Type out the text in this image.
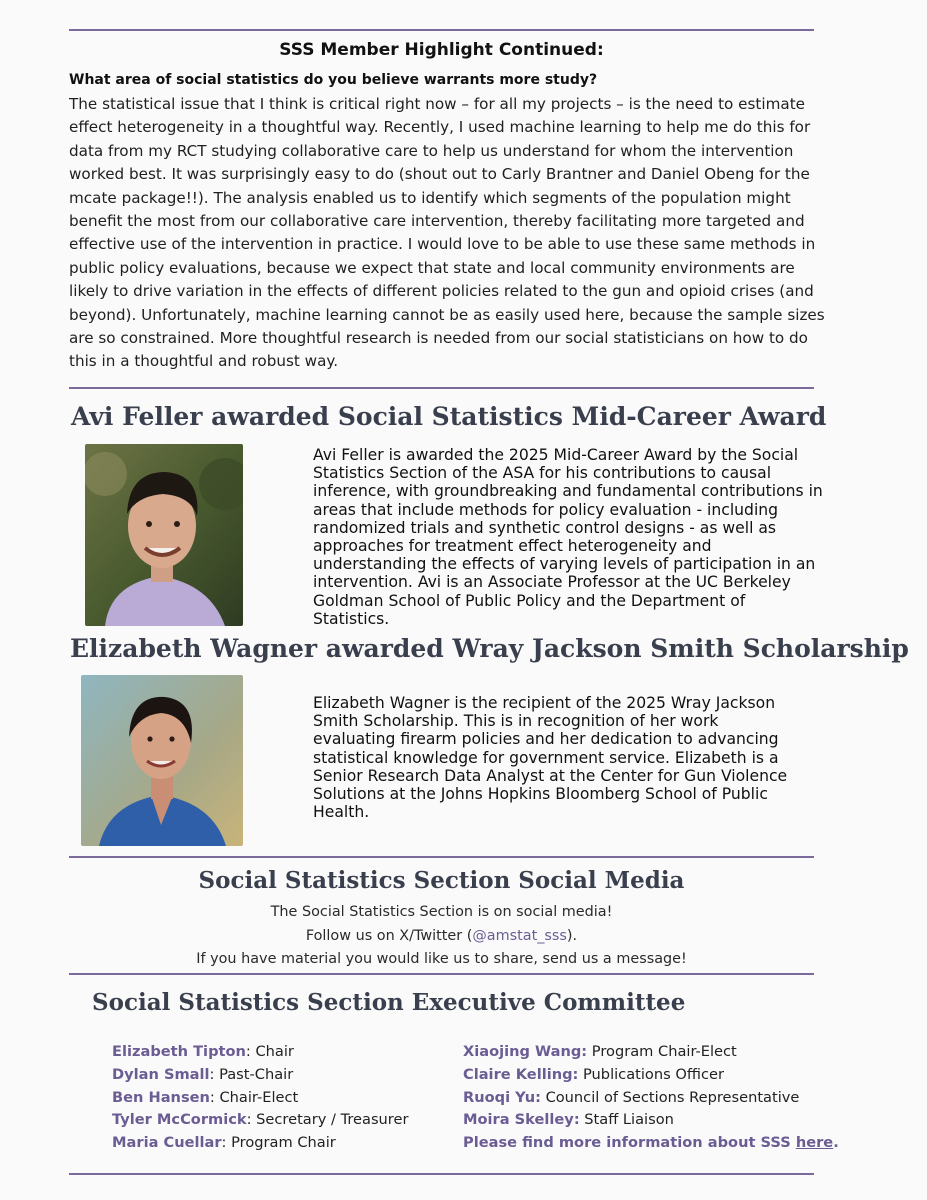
SSS Member Highlight Continued:
What area of social statistics do you believe warrants more study?
The statistical issue that I think is critical right now – for all my projects – is the need to estimate effect heterogeneity in a thoughtful way. Recently, I used machine learning to help me do this for data from my RCT studying collaborative care to help us understand for whom the intervention worked best. It was surprisingly easy to do (shout out to Carly Brantner and Daniel Obeng for the mcate package!!). The analysis enabled us to identify which segments of the population might benefit the most from our collaborative care intervention, thereby facilitating more targeted and effective use of the intervention in practice. I would love to be able to use these same methods in public policy evaluations, because we expect that state and local community environments are likely to drive variation in the effects of different policies related to the gun and opioid crises (and beyond). Unfortunately, machine learning cannot be as easily used here, because the sample sizes are so constrained. More thoughtful research is needed from our social statisticians on how to do this in a thoughtful and robust way.
Avi Feller awarded Social Statistics Mid-Career Award
Avi Feller is awarded the 2025 Mid-Career Award by the Social Statistics Section of the ASA for his contributions to causal inference, with groundbreaking and fundamental contributions in areas that include methods for policy evaluation - including randomized trials and synthetic control designs - as well as approaches for treatment effect heterogeneity and understanding the effects of varying levels of participation in an intervention. Avi is an Associate Professor at the UC Berkeley Goldman School of Public Policy and the Department of Statistics.
Elizabeth Wagner awarded Wray Jackson Smith Scholarship
Elizabeth Wagner is the recipient of the 2025 Wray Jackson Smith Scholarship. This is in recognition of her work evaluating firearm policies and her dedication to advancing statistical knowledge for government service. Elizabeth is a Senior Research Data Analyst at the Center for Gun Violence Solutions at the Johns Hopkins Bloomberg School of Public Health.
Social Statistics Section Social Media
The Social Statistics Section is on social media!
Follow us on X/Twitter (@amstat_sss).
If you have material you would like us to share, send us a message!
Social Statistics Section Executive Committee
Elizabeth Tipton: Chair
Dylan Small: Past-Chair
Ben Hansen: Chair-Elect
Tyler McCormick: Secretary / Treasurer
Maria Cuellar: Program Chair
Xiaojing Wang: Program Chair-Elect
Claire Kelling: Publications Officer
Ruoqi Yu: Council of Sections Representative
Moira Skelley: Staff Liaison
Please find more information about SSS here.
